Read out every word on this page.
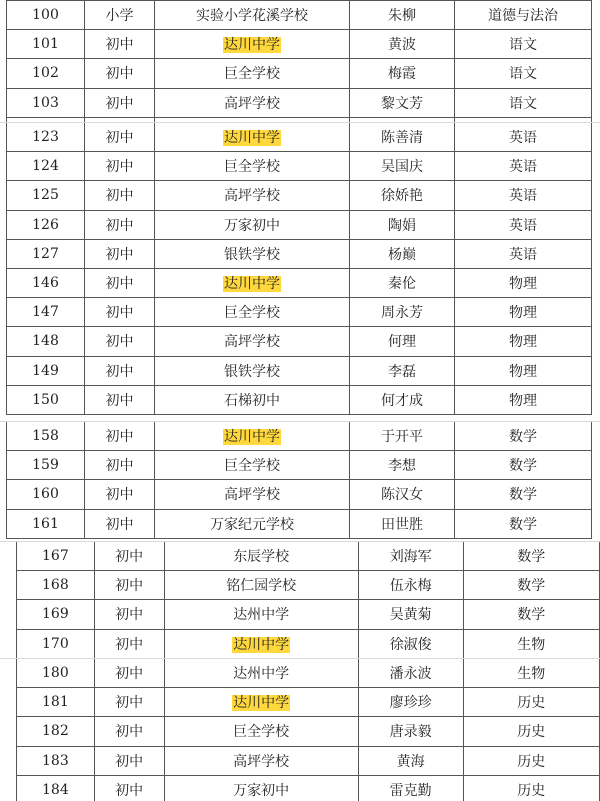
100	小学	实验小学花溪学校	朱柳	道德与法治
101	初中	达川中学	黄波	语文
102	初中	巨全学校	梅霞	语文
103	初中	高坪学校	黎文芳	语文

123	初中	达川中学	陈善清	英语
124	初中	巨全学校	吴国庆	英语
125	初中	高坪学校	徐娇艳	英语
126	初中	万家初中	陶娟	英语
127	初中	银铁学校	杨巅	英语
146	初中	达川中学	秦伦	物理
147	初中	巨全学校	周永芳	物理
148	初中	高坪学校	何理	物理
149	初中	银铁学校	李磊	物理
150	初中	石梯初中	何才成	物理
158	初中	达川中学	于开平	数学
159	初中	巨全学校	李想	数学
160	初中	高坪学校	陈汉女	数学
161	初中	万家纪元学校	田世胜	数学
167	初中	东辰学校	刘海军	数学
168	初中	铭仁园学校	伍永梅	数学
169	初中	达州中学	吴黄菊	数学
170	初中	达川中学	徐淑俊	生物
180	初中	达州中学	潘永波	生物
181	初中	达川中学	廖珍珍	历史
182	初中	巨全学校	唐录毅	历史
183	初中	高坪学校	黄海	历史
184	初中	万家初中	雷克勤	历史
